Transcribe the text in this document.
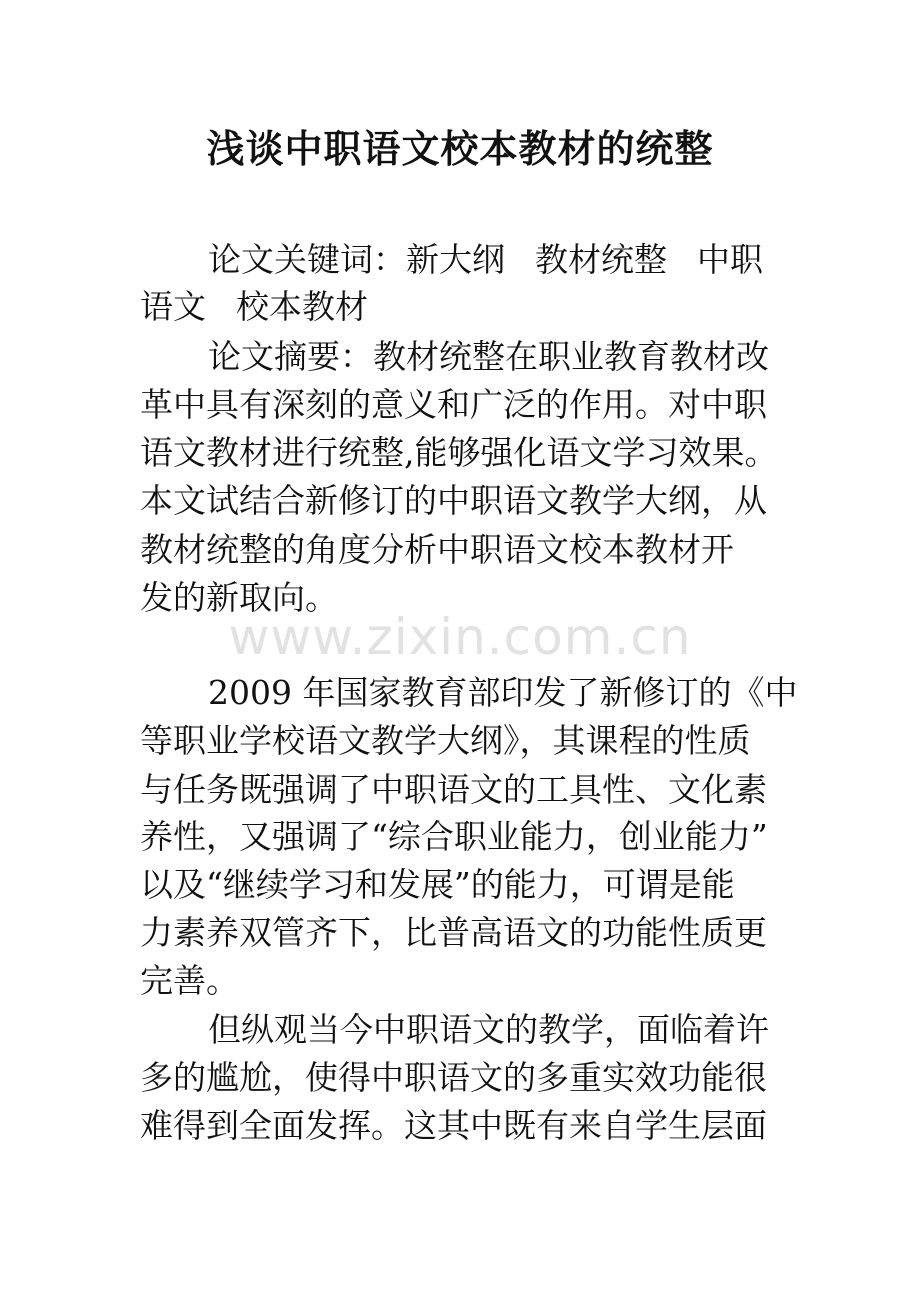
浅谈中职语文校本教材的统整
论文关键词：新大纲 教材统整 中职
语文 校本教材
论文摘要：教材统整在职业教育教材改
革中具有深刻的意义和广泛的作用。对中职
语文教材进行统整,能够强化语文学习效果。
本文试结合新修订的中职语文教学大纲，从
教材统整的角度分析中职语文校本教材开
发的新取向。
www.zixin.com.cn
2009 年国家教育部印发了新修订的《中
等职业学校语文教学大纲》，其课程的性质
与任务既强调了中职语文的工具性、文化素
养性，又强调了“综合职业能力，创业能力”
以及“继续学习和发展”的能力，可谓是能
力素养双管齐下，比普高语文的功能性质更
完善。
但纵观当今中职语文的教学，面临着许
多的尴尬，使得中职语文的多重实效功能很
难得到全面发挥。这其中既有来自学生层面
